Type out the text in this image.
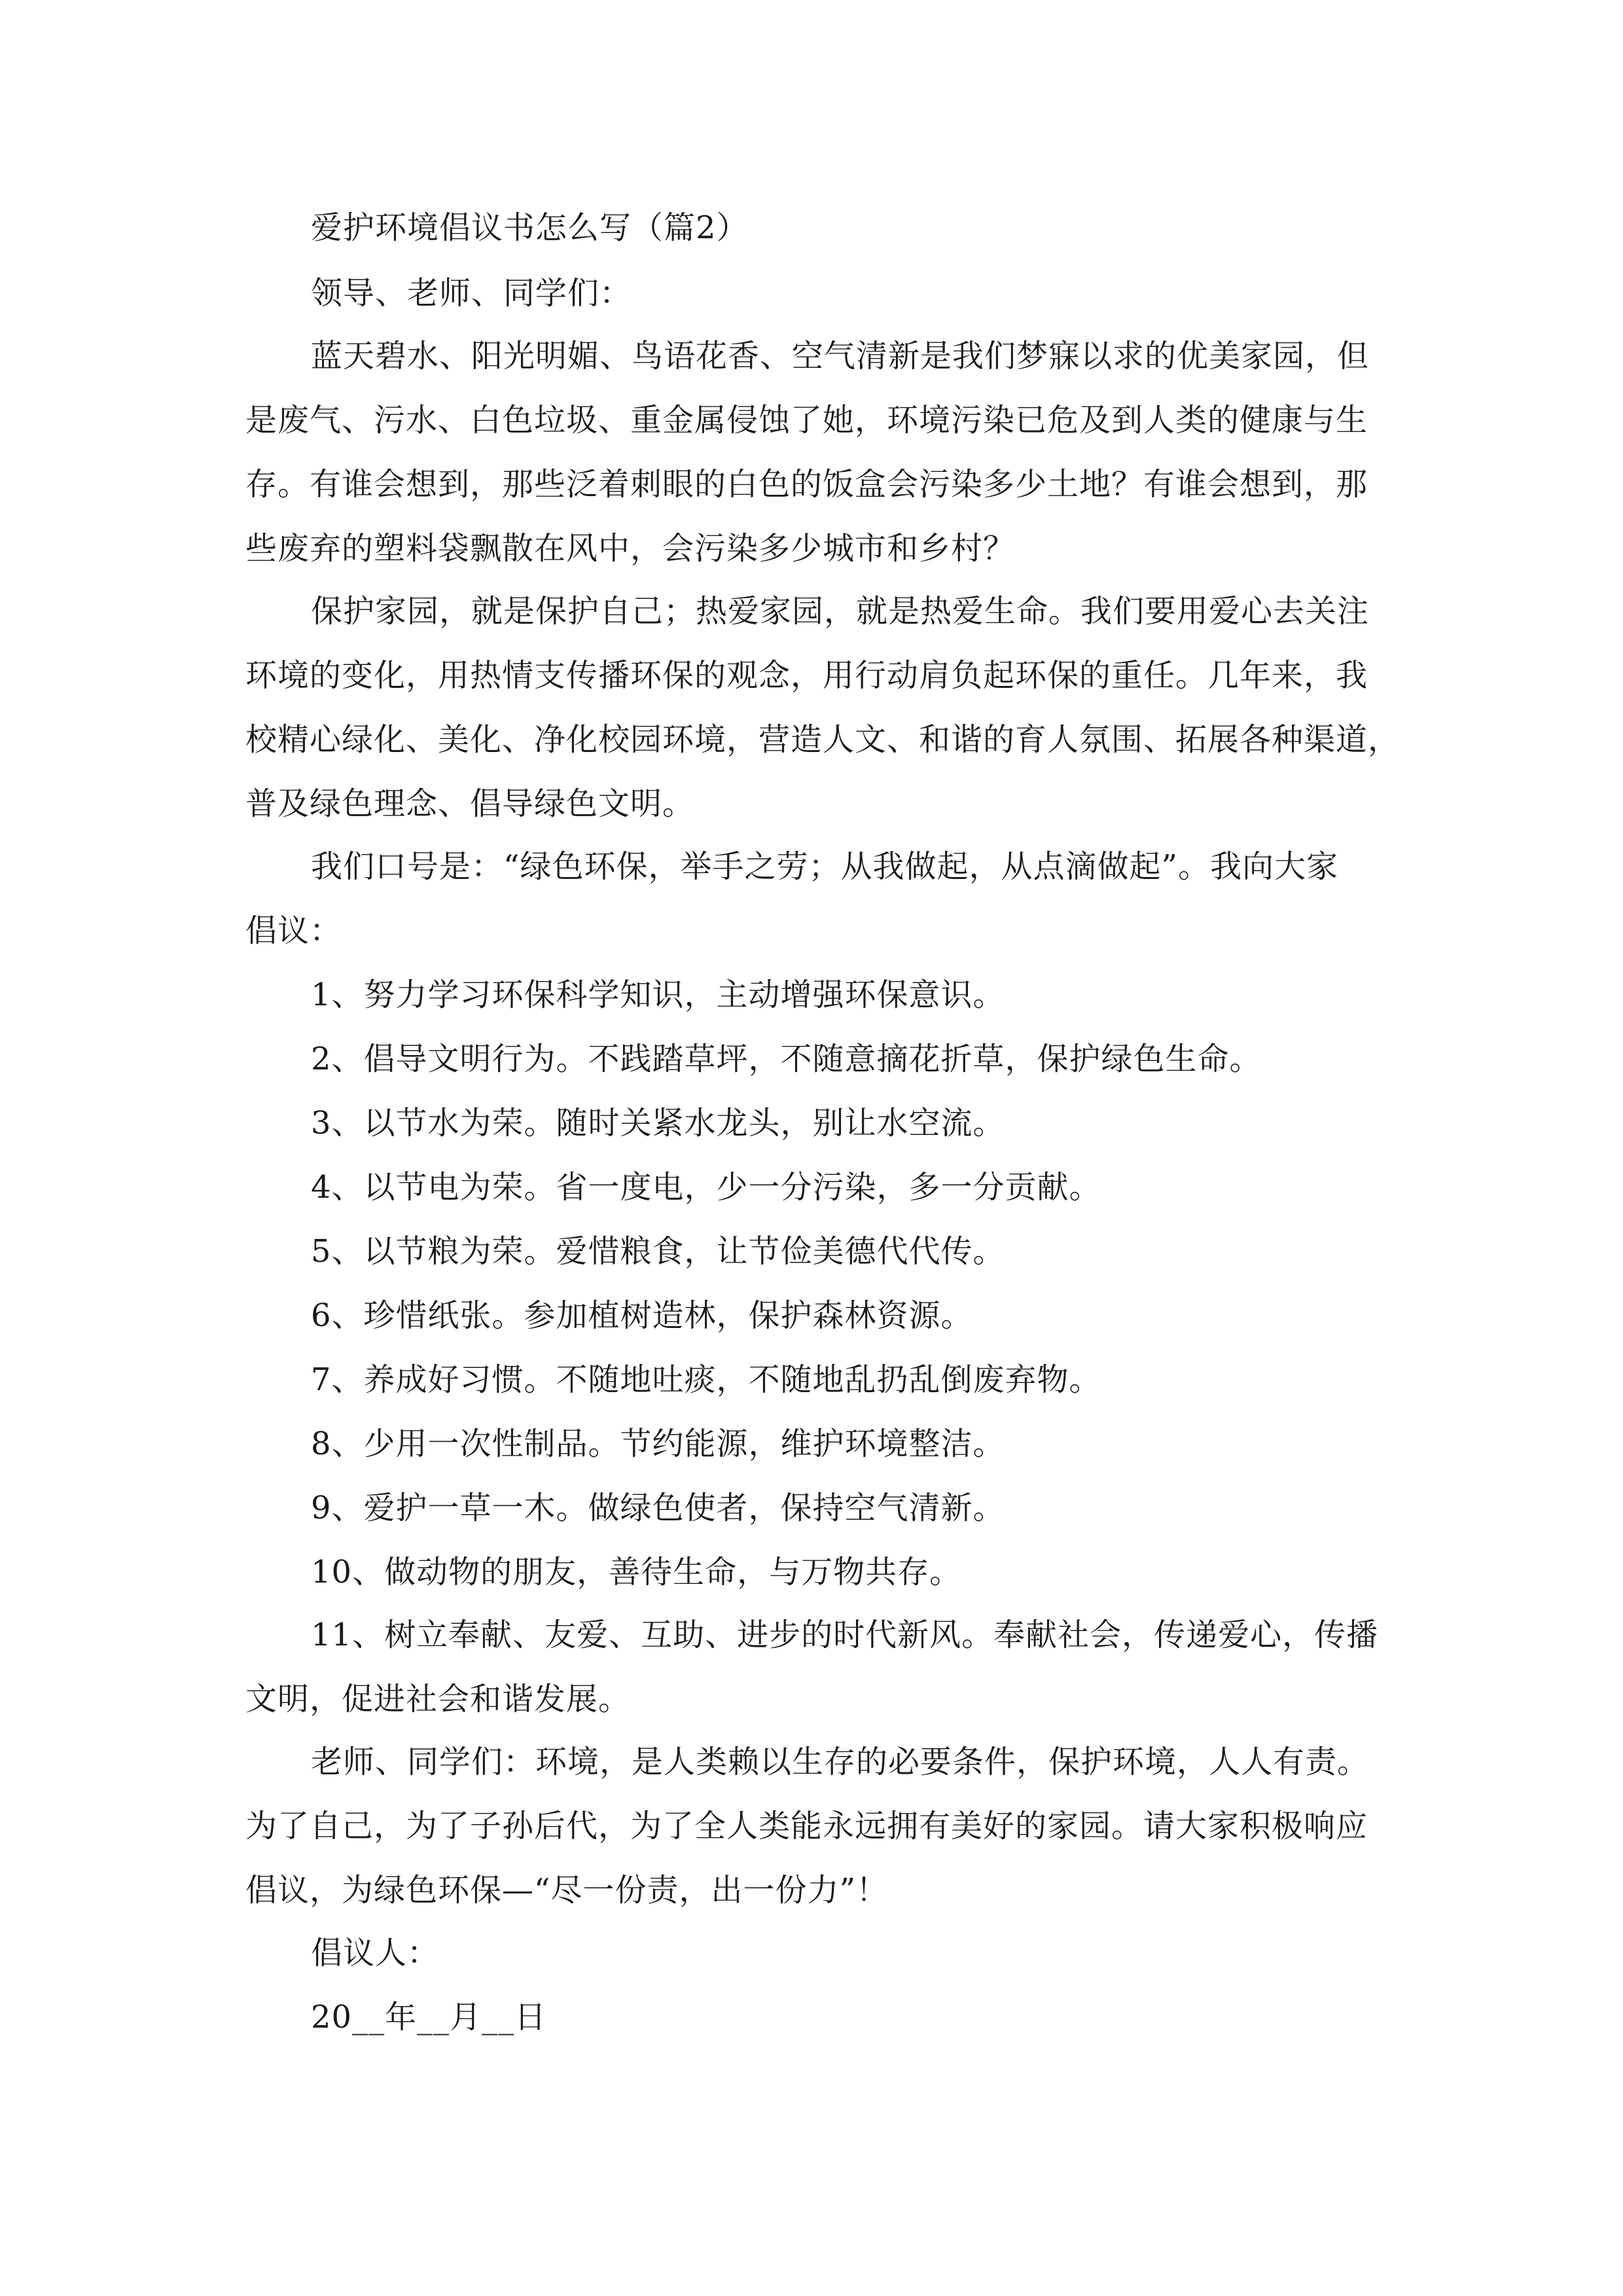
爱护环境倡议书怎么写（篇2）
领导、老师、同学们：
蓝天碧水、阳光明媚、鸟语花香、空气清新是我们梦寐以求的优美家园，但
是废气、污水、白色垃圾、重金属侵蚀了她，环境污染已危及到人类的健康与生
存。有谁会想到，那些泛着刺眼的白色的饭盒会污染多少土地？有谁会想到，那
些废弃的塑料袋飘散在风中，会污染多少城市和乡村？
保护家园，就是保护自己；热爱家园，就是热爱生命。我们要用爱心去关注
环境的变化，用热情支传播环保的观念，用行动肩负起环保的重任。几年来，我
校精心绿化、美化、净化校园环境，营造人文、和谐的育人氛围、拓展各种渠道，
普及绿色理念、倡导绿色文明。
我们口号是：“绿色环保，举手之劳；从我做起，从点滴做起”。我向大家
倡议：
1、努力学习环保科学知识，主动增强环保意识。
2、倡导文明行为。不践踏草坪，不随意摘花折草，保护绿色生命。
3、以节水为荣。随时关紧水龙头，别让水空流。
4、以节电为荣。省一度电，少一分污染，多一分贡献。
5、以节粮为荣。爱惜粮食，让节俭美德代代传。
6、珍惜纸张。参加植树造林，保护森林资源。
7、养成好习惯。不随地吐痰，不随地乱扔乱倒废弃物。
8、少用一次性制品。节约能源，维护环境整洁。
9、爱护一草一木。做绿色使者，保持空气清新。
10、做动物的朋友，善待生命，与万物共存。
11、树立奉献、友爱、互助、进步的时代新风。奉献社会，传递爱心，传播
文明，促进社会和谐发展。
老师、同学们：环境，是人类赖以生存的必要条件，保护环境，人人有责。
为了自己，为了子孙后代，为了全人类能永远拥有美好的家园。请大家积极响应
倡议，为绿色环保—“尽一份责，出一份力”！
倡议人：
20__年__月__日
